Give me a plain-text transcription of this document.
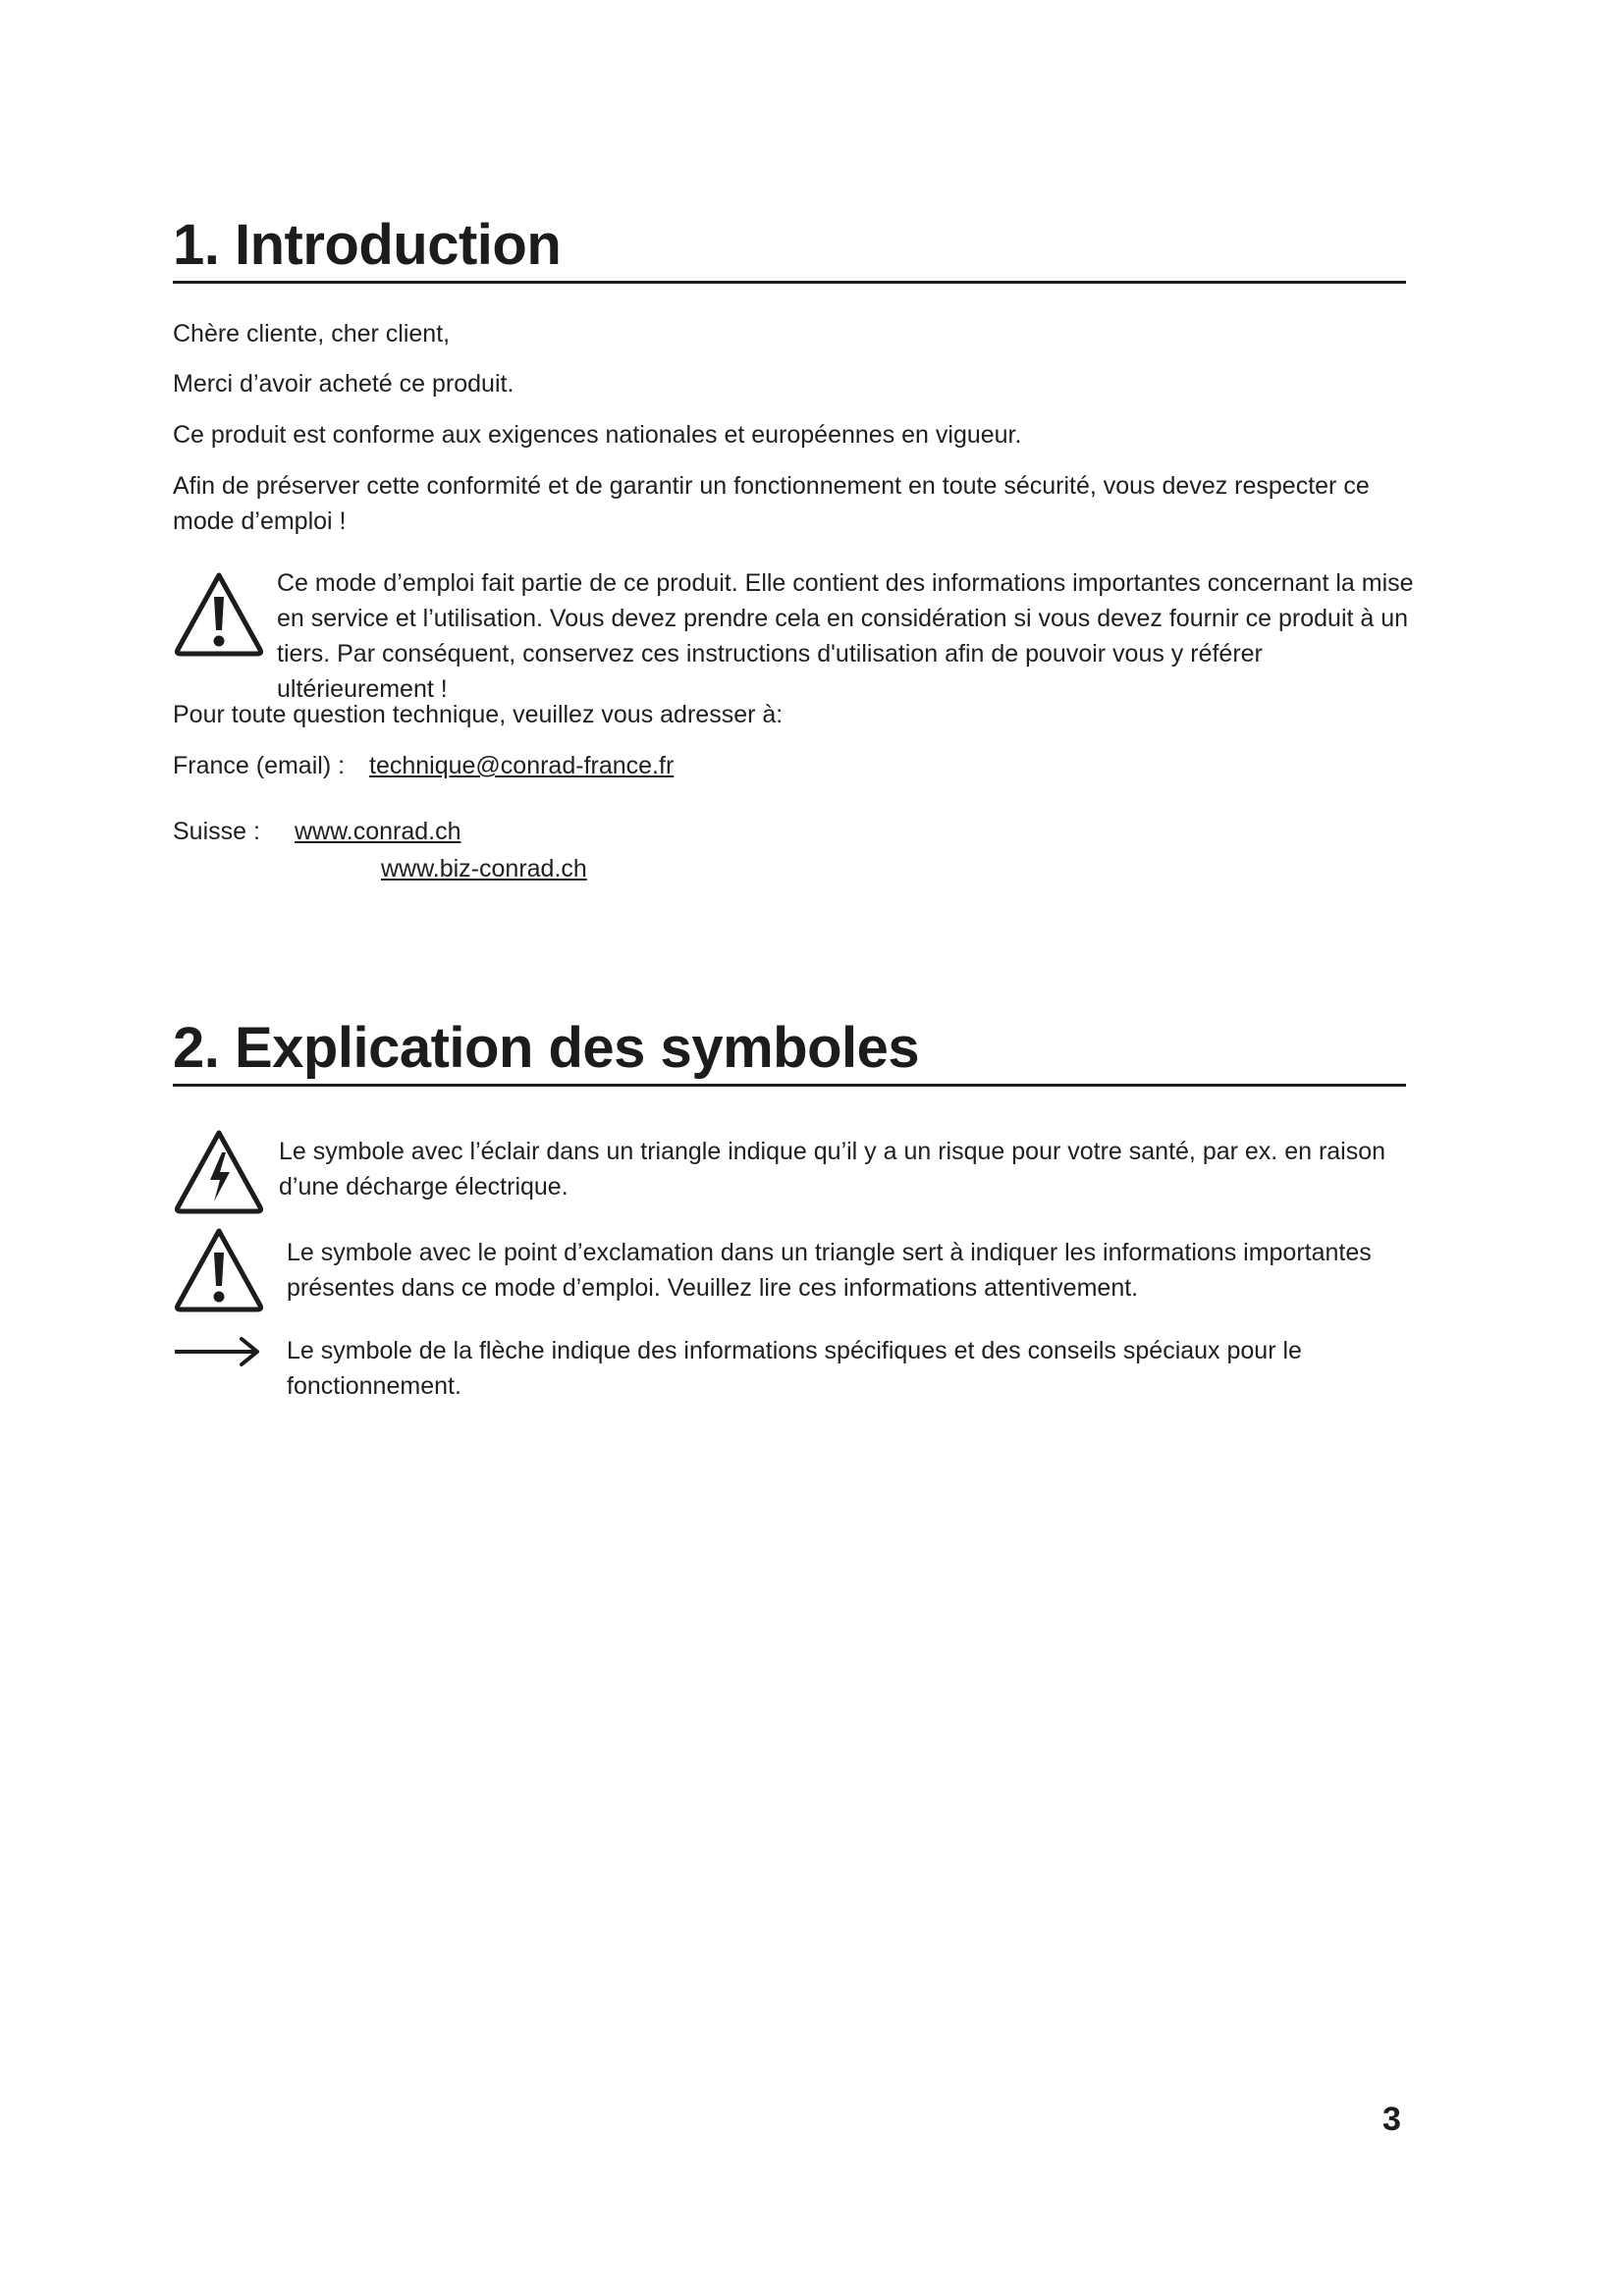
1. Introduction

Chère cliente, cher client,

Merci d’avoir acheté ce produit.

Ce produit est conforme aux exigences nationales et européennes en vigueur.

Afin de préserver cette conformité et de garantir un fonctionnement en toute sécurité, vous devez respecter ce mode d’emploi !

Ce mode d’emploi fait partie de ce produit. Elle contient des informations importantes concernant la mise en service et l’utilisation. Vous devez prendre cela en considération si vous devez fournir ce produit à un tiers. Par conséquent, conservez ces instructions d'utilisation afin de pouvoir vous y référer ultérieurement !

Pour toute question technique, veuillez vous adresser à:

France (email) : technique@conrad-france.fr

Suisse : www.conrad.ch
www.biz-conrad.ch
2. Explication des symboles

Le symbole avec l’éclair dans un triangle indique qu’il y a un risque pour votre santé, par ex. en raison d’une décharge électrique.

Le symbole avec le point d’exclamation dans un triangle sert à indiquer les informations importantes présentes dans ce mode d’emploi. Veuillez lire ces informations attentivement.

Le symbole de la flèche indique des informations spécifiques et des conseils spéciaux pour le fonctionnement.

3
